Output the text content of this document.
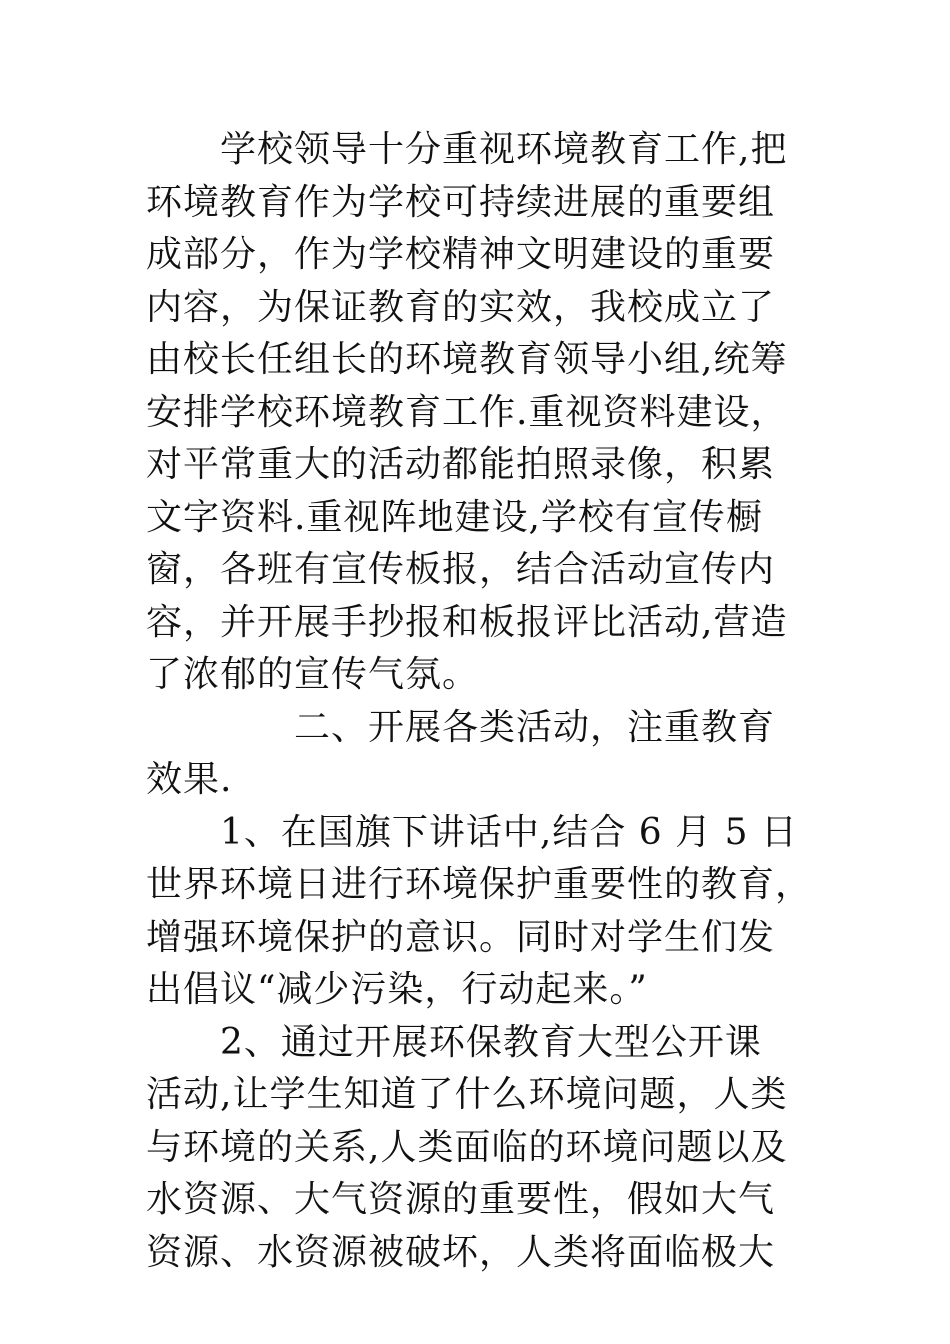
　　学校领导十分重视环境教育工作,把
环境教育作为学校可持续进展的重要组
成部分，作为学校精神文明建设的重要
内容，为保证教育的实效，我校成立了
由校长任组长的环境教育领导小组,统筹
安排学校环境教育工作.重视资料建设，
对平常重大的活动都能拍照录像，积累
文字资料.重视阵地建设,学校有宣传橱
窗，各班有宣传板报，结合活动宣传内
容，并开展手抄报和板报评比活动,营造
了浓郁的宣传气氛。
　　　　二、开展各类活动，注重教育
效果.
　　1、在国旗下讲话中,结合 6 月 5 日
世界环境日进行环境保护重要性的教育，
增强环境保护的意识。同时对学生们发
出倡议“减少污染，行动起来。”
　　2、通过开展环保教育大型公开课
活动,让学生知道了什么环境问题，人类
与环境的关系,人类面临的环境问题以及
水资源、大气资源的重要性，假如大气
资源、水资源被破坏，人类将面临极大
